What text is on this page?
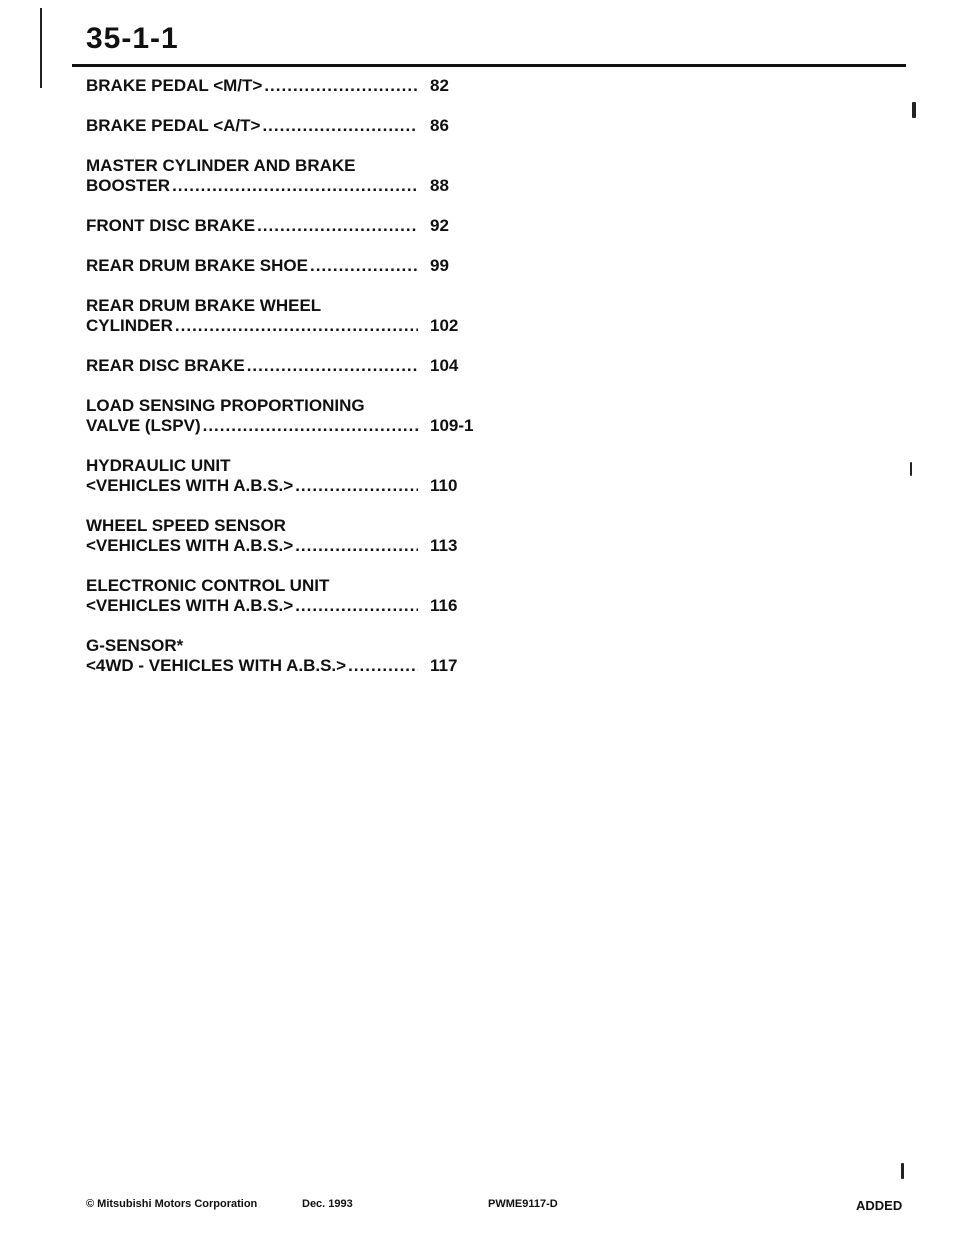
35-1-1
BRAKE PEDAL <M/T> .....	82
BRAKE PEDAL <A/T> .....	86
MASTER CYLINDER AND BRAKE
BOOSTER .....	88
FRONT DISC BRAKE .....	92
REAR DRUM BRAKE SHOE .....	99
REAR DRUM BRAKE WHEEL
CYLINDER .....	102
REAR DISC BRAKE .....	104
LOAD SENSING PROPORTIONING
VALVE (LSPV) .....	109-1
HYDRAULIC UNIT
<VEHICLES WITH A.B.S.> .....	110
WHEEL SPEED SENSOR
<VEHICLES WITH A.B.S.> .....	113
ELECTRONIC CONTROL UNIT
<VEHICLES WITH A.B.S.> .....	116
G-SENSOR*
<4WD - VEHICLES WITH A.B.S.> .....	117
© Mitsubishi Motors Corporation	Dec. 1993	PWME9117-D	ADDED
